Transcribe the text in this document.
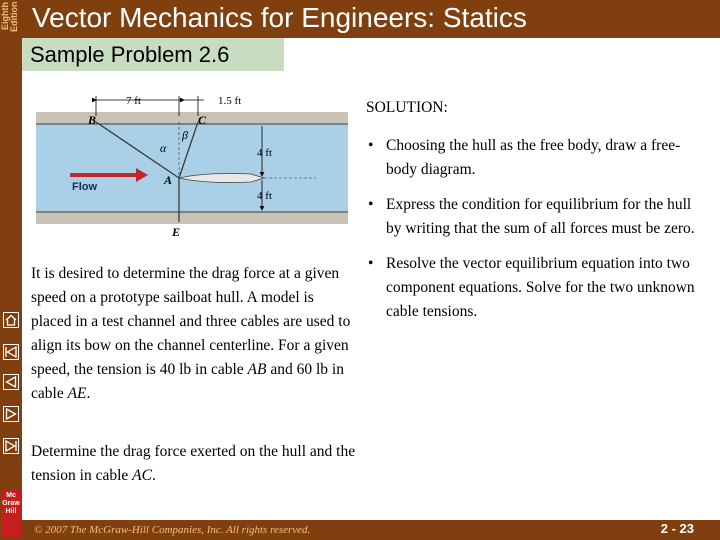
Eighth Edition
Mc Graw Hill
Vector Mechanics for Engineers: Statics
Sample Problem 2.6
7 ft	1.5 ft
4 ft
4 ft
B	C
A
E
α
β
Flow
It is desired to determine the drag force at a given speed on a prototype sailboat hull. A model is placed in a test channel and three cables are used to align its bow on the channel centerline. For a given speed, the tension is 40 lb in cable AB and 60 lb in cable AE.
Determine the drag force exerted on the hull and the tension in cable AC.
SOLUTION:
• Choosing the hull as the free body, draw a free-body diagram.
• Express the condition for equilibrium for the hull by writing that the sum of all forces must be zero.
• Resolve the vector equilibrium equation into two component equations. Solve for the two unknown cable tensions.
© 2007 The McGraw-Hill Companies, Inc. All rights reserved.	2 - 23
